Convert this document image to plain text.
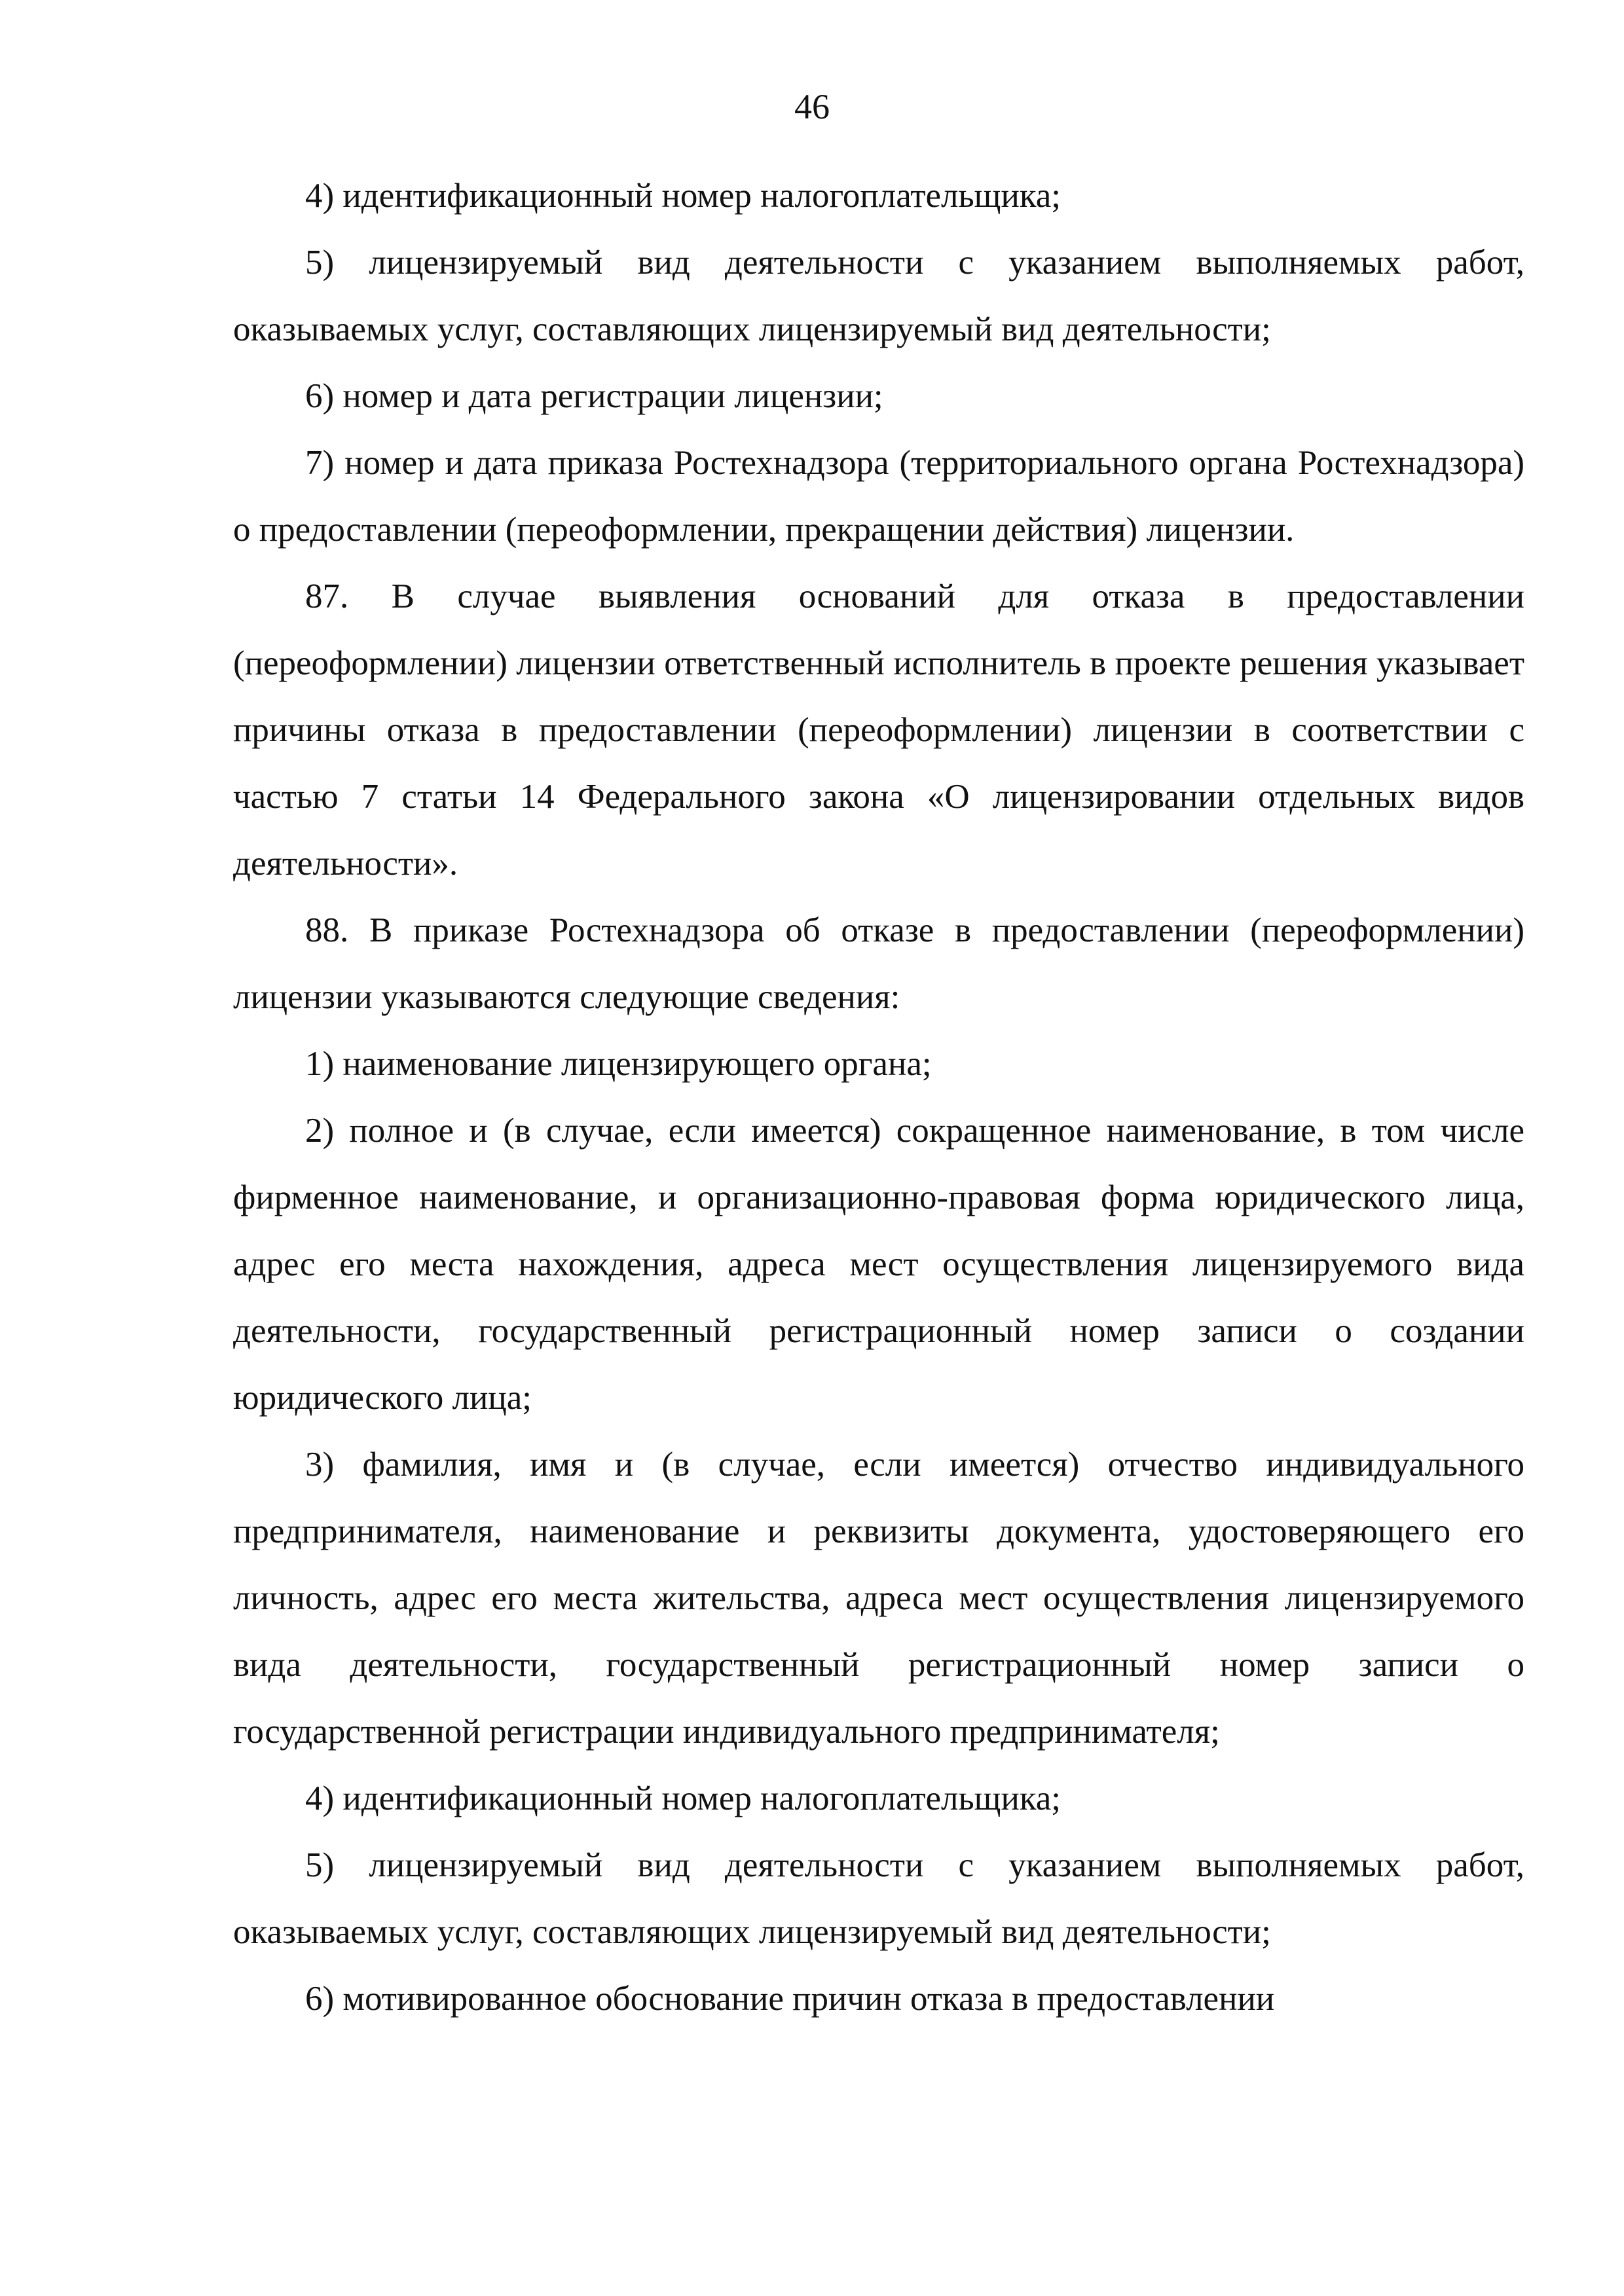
46

4) идентификационный номер налогоплательщика;

5) лицензируемый вид деятельности с указанием выполняемых работ, оказываемых услуг, составляющих лицензируемый вид деятельности;

6) номер и дата регистрации лицензии;

7) номер и дата приказа Ростехнадзора (территориального органа Ростехнадзора) о предоставлении (переоформлении, прекращении действия) лицензии.

87. В случае выявления оснований для отказа в предоставлении (переоформлении) лицензии ответственный исполнитель в проекте решения указывает причины отказа в предоставлении (переоформлении) лицензии в соответствии с частью 7 статьи 14 Федерального закона «О лицензировании отдельных видов деятельности».

88. В приказе Ростехнадзора об отказе в предоставлении (переоформлении) лицензии указываются следующие сведения:

1) наименование лицензирующего органа;

2) полное и (в случае, если имеется) сокращенное наименование, в том числе фирменное наименование, и организационно-правовая форма юридического лица, адрес его места нахождения, адреса мест осуществления лицензируемого вида деятельности, государственный регистрационный номер записи о создании юридического лица;

3) фамилия, имя и (в случае, если имеется) отчество индивидуального предпринимателя, наименование и реквизиты документа, удостоверяющего его личность, адрес его места жительства, адреса мест осуществления лицензируемого вида деятельности, государственный регистрационный номер записи о государственной регистрации индивидуального предпринимателя;

4) идентификационный номер налогоплательщика;

5) лицензируемый вид деятельности с указанием выполняемых работ, оказываемых услуг, составляющих лицензируемый вид деятельности;

6) мотивированное обоснование причин отказа в предоставлении
